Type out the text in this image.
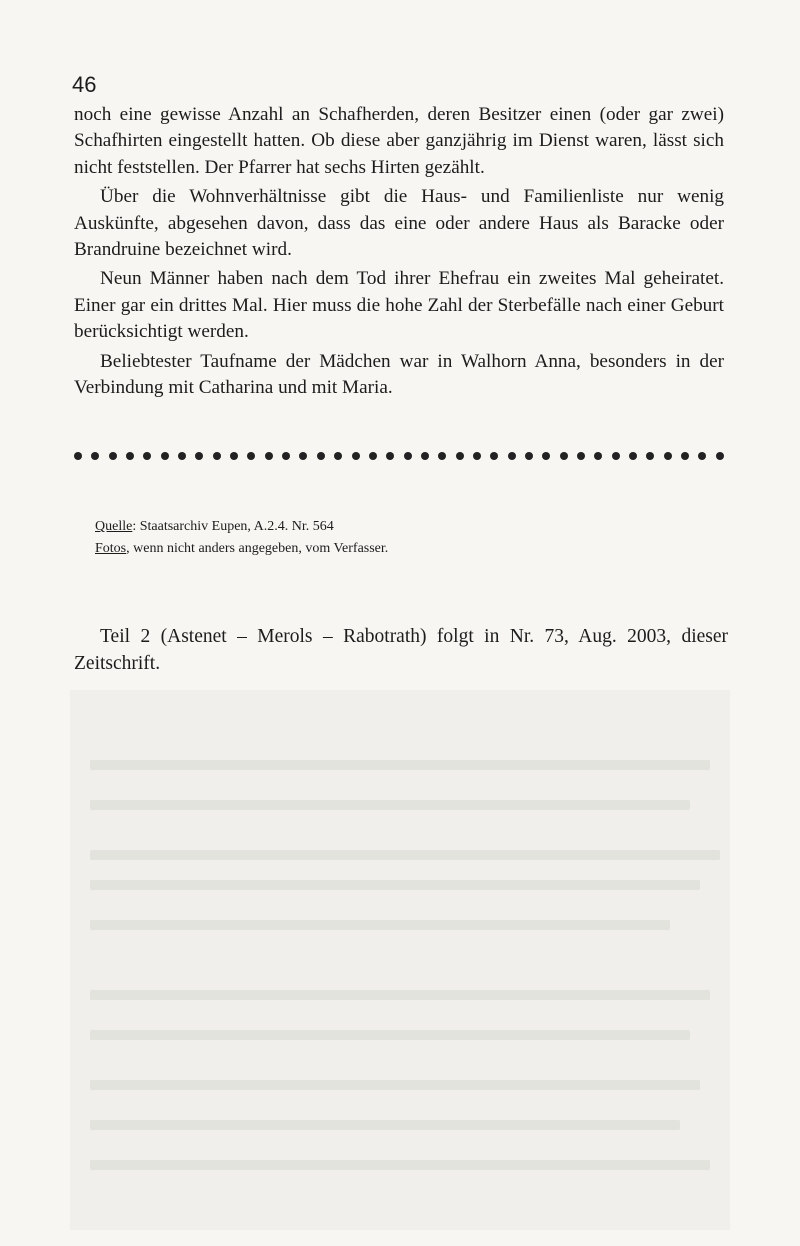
46

noch eine gewisse Anzahl an Schafherden, deren Besitzer einen (oder gar zwei) Schafhirten eingestellt hatten. Ob diese aber ganzjährig im Dienst waren, lässt sich nicht feststellen. Der Pfarrer hat sechs Hirten gezählt.

Über die Wohnverhältnisse gibt die Haus- und Familienliste nur wenig Auskünfte, abgesehen davon, dass das eine oder andere Haus als Baracke oder Brandruine bezeichnet wird.

Neun Männer haben nach dem Tod ihrer Ehefrau ein zweites Mal geheiratet. Einer gar ein drittes Mal. Hier muss die hohe Zahl der Sterbefälle nach einer Geburt berücksichtigt werden.

Beliebtester Taufname der Mädchen war in Walhorn Anna, besonders in der Verbindung mit Catharina und mit Maria.

Quelle: Staatsarchiv Eupen, A.2.4. Nr. 564
Fotos, wenn nicht anders angegeben, vom Verfasser.
Teil 2 (Astenet – Merols – Rabotrath) folgt in Nr. 73, Aug. 2003, dieser Zeitschrift.
